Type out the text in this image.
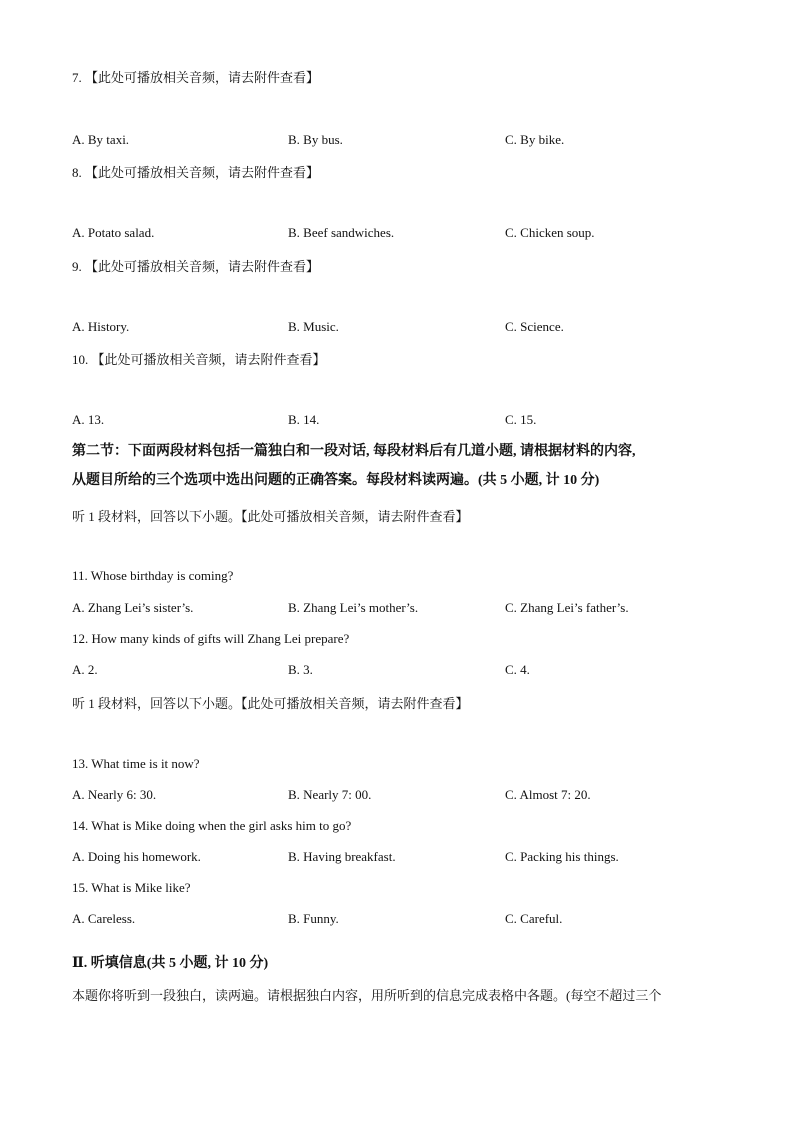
7. 【此处可播放相关音频，请去附件查看】
A. By taxi.	B. By bus.	C. By bike.
8. 【此处可播放相关音频，请去附件查看】
A. Potato salad.	B. Beef sandwiches.	C. Chicken soup.
9. 【此处可播放相关音频，请去附件查看】
A. History.	B. Music.	C. Science.
10. 【此处可播放相关音频，请去附件查看】
A. 13.	B. 14.	C. 15.
第二节：下面两段材料包括一篇独白和一段对话, 每段材料后有几道小题, 请根据材料的内容,
从题目所给的三个选项中选出问题的正确答案。每段材料读两遍。(共 5 小题, 计 10 分)
听 1 段材料，回答以下小题。【此处可播放相关音频，请去附件查看】
11. Whose birthday is coming?
A. Zhang Lei’s sister’s.	B. Zhang Lei’s mother’s.	C. Zhang Lei’s father’s.
12. How many kinds of gifts will Zhang Lei prepare?
A. 2.	B. 3.	C. 4.
听 1 段材料，回答以下小题。【此处可播放相关音频，请去附件查看】
13. What time is it now?
A. Nearly 6: 30.	B. Nearly 7: 00.	C. Almost 7: 20.
14. What is Mike doing when the girl asks him to go?
A. Doing his homework.	B. Having breakfast.	C. Packing his things.
15. What is Mike like?
A. Careless.	B. Funny.	C. Careful.
Ⅱ. 听填信息(共 5 小题, 计 10 分)
本题你将听到一段独白，读两遍。请根据独白内容，用所听到的信息完成表格中各题。(每空不超过三个
